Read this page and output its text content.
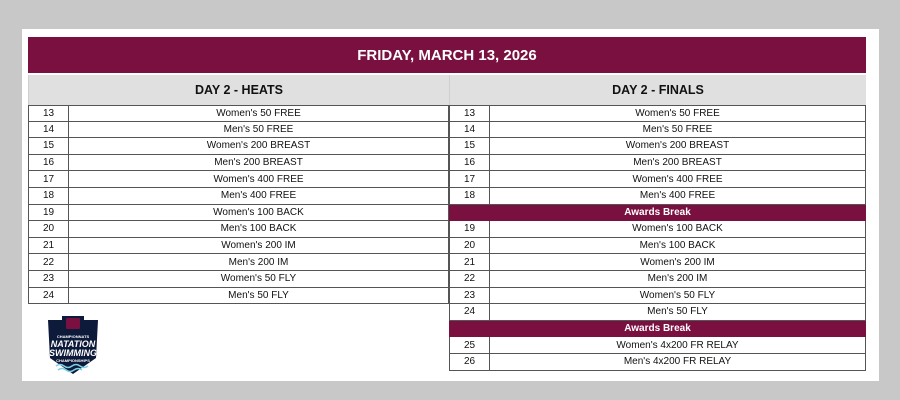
FRIDAY, MARCH 13, 2026
DAY 2 - HEATS
13	Women's 50 FREE
14	Men's 50 FREE
15	Women's 200 BREAST
16	Men's 200 BREAST
17	Women's 400 FREE
18	Men's 400 FREE
19	Women's 100 BACK
20	Men's 100 BACK
21	Women's 200 IM
22	Men's 200 IM
23	Women's 50 FLY
24	Men's 50 FLY
DAY 2 - FINALS
13	Women's 50 FREE
14	Men's 50 FREE
15	Women's 200 BREAST
16	Men's 200 BREAST
17	Women's 400 FREE
18	Men's 400 FREE
Awards Break
19	Women's 100 BACK
20	Men's 100 BACK
21	Women's 200 IM
22	Men's 200 IM
23	Women's 50 FLY
24	Men's 50 FLY
Awards Break
25	Women's 4x200 FR RELAY
26	Men's 4x200 FR RELAY
CHAMPIONNATS
NATATION
SWIMMING
CHAMPIONSHIPS
